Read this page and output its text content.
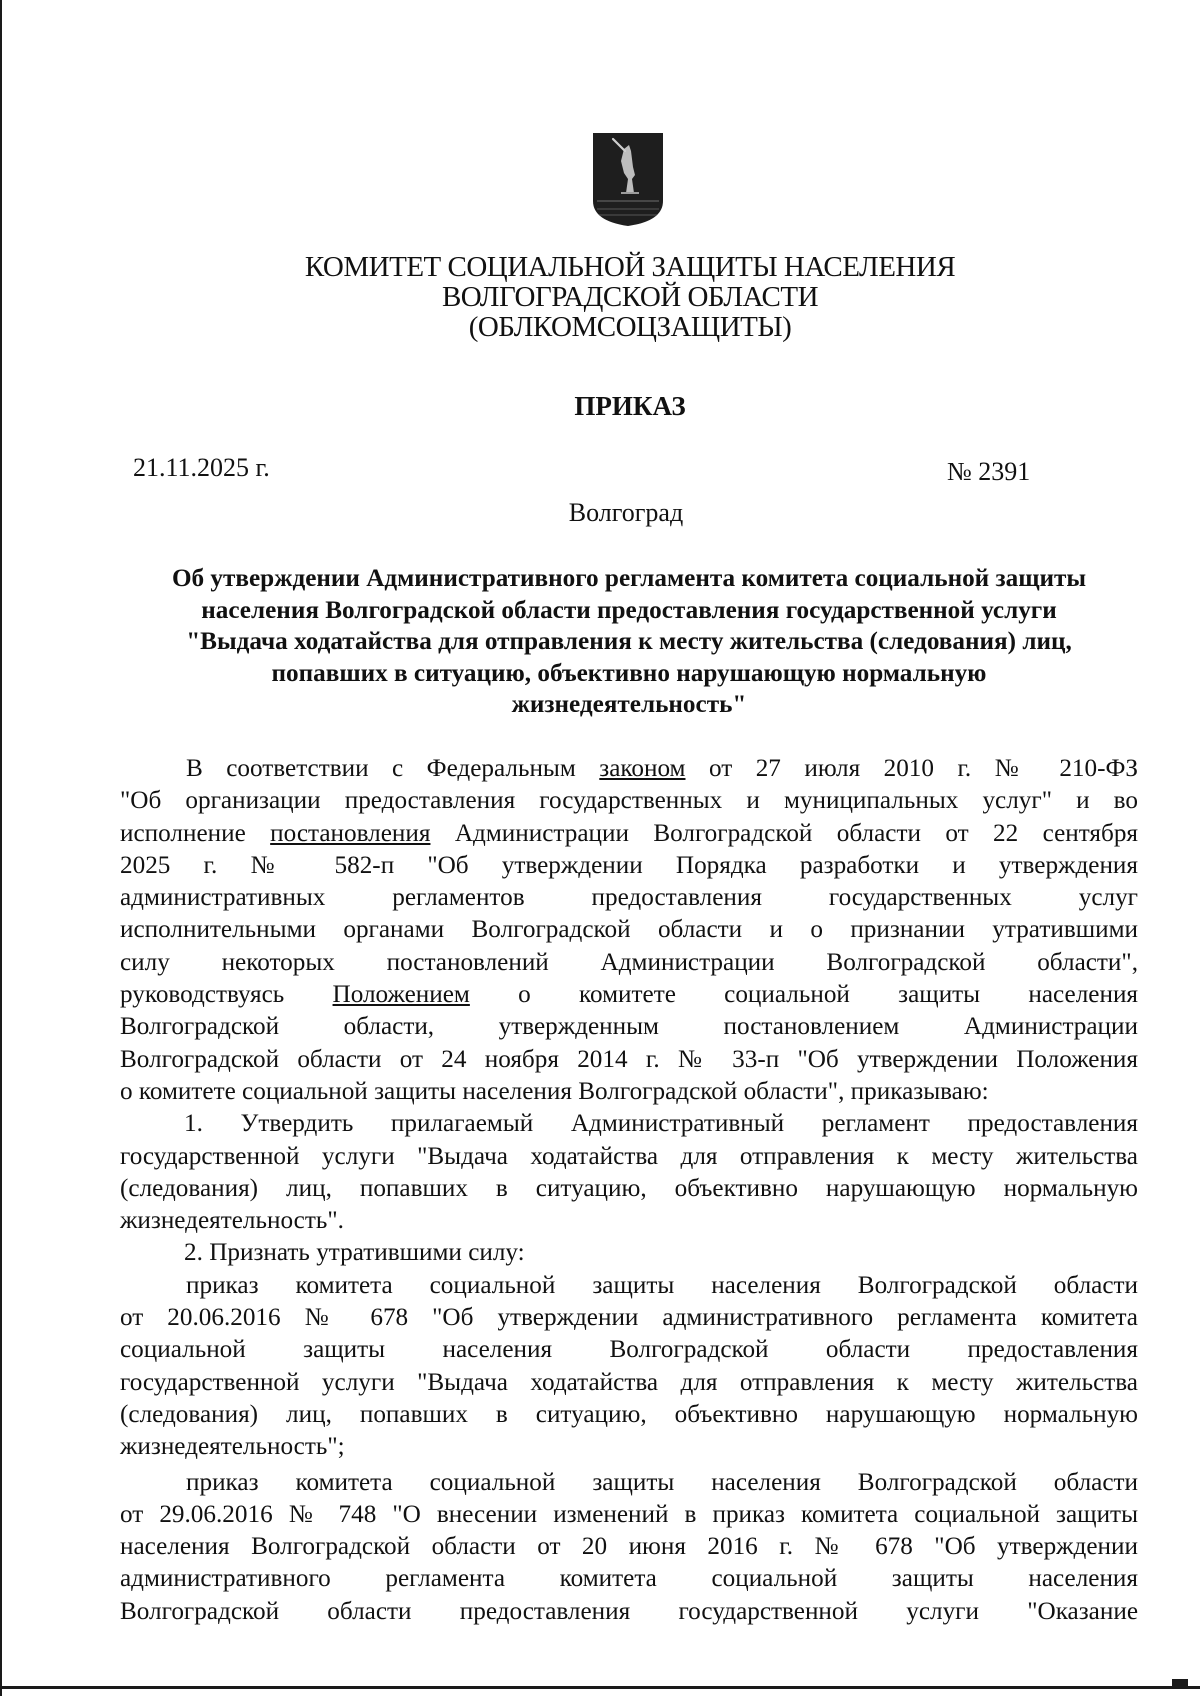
КОМИТЕТ СОЦИАЛЬНОЙ ЗАЩИТЫ НАСЕЛЕНИЯ
ВОЛГОГРАДСКОЙ ОБЛАСТИ
(ОБЛКОМСОЦЗАЩИТЫ)
ПРИКАЗ
21.11.2025 г.	№ 2391
Волгоград
Об утверждении Административного регламента комитета социальной защиты
населения Волгоградской области предоставления государственной услуги
"Выдача ходатайства для отправления к месту жительства (следования) лиц,
попавших в ситуацию, объективно нарушающую нормальную
жизнедеятельность"
В соответствии с Федеральным законом от 27 июля 2010 г. № 210-ФЗ
"Об организации предоставления государственных и муниципальных услуг" и во
исполнение постановления Администрации Волгоградской области от 22 сентября
2025 г. № 582-п "Об утверждении Порядка разработки и утверждения
административных регламентов предоставления государственных услуг
исполнительными органами Волгоградской области и о признании утратившими
силу некоторых постановлений Администрации Волгоградской области",
руководствуясь Положением о комитете социальной защиты населения
Волгоградской области, утвержденным постановлением Администрации
Волгоградской области от 24 ноября 2014 г. № 33-п "Об утверждении Положения
о комитете социальной защиты населения Волгоградской области", приказываю:
1. Утвердить прилагаемый Административный регламент предоставления
государственной услуги "Выдача ходатайства для отправления к месту жительства
(следования) лиц, попавших в ситуацию, объективно нарушающую нормальную
жизнедеятельность".
2. Признать утратившими силу:
приказ комитета социальной защиты населения Волгоградской области
от 20.06.2016 № 678 "Об утверждении административного регламента комитета
социальной защиты населения Волгоградской области предоставления
государственной услуги "Выдача ходатайства для отправления к месту жительства
(следования) лиц, попавших в ситуацию, объективно нарушающую нормальную
жизнедеятельность";
приказ комитета социальной защиты населения Волгоградской области
от 29.06.2016 № 748 "О внесении изменений в приказ комитета социальной защиты
населения Волгоградской области от 20 июня 2016 г. № 678 "Об утверждении
административного регламента комитета социальной защиты населения
Волгоградской области предоставления государственной услуги "Оказание
